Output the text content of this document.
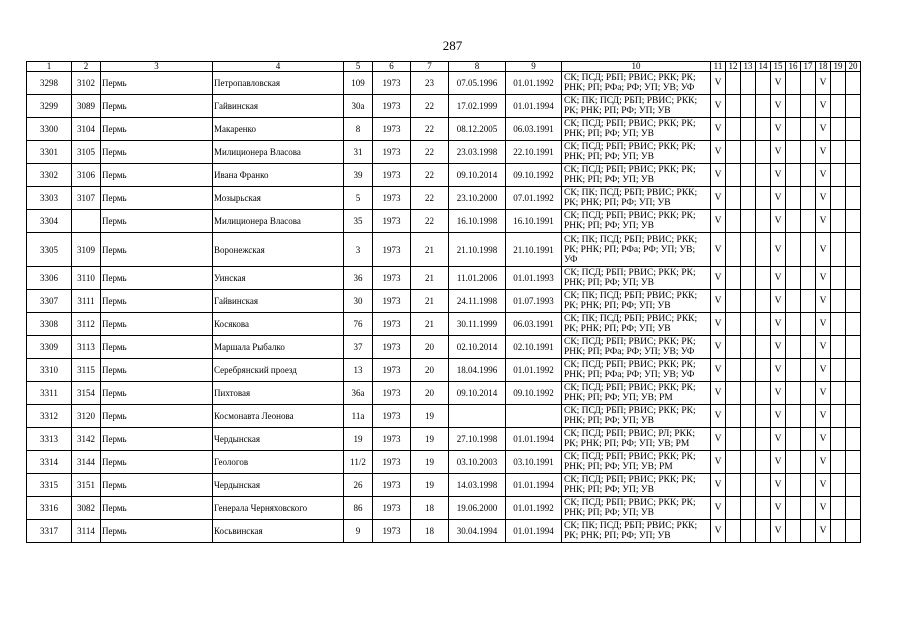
287
1	2	3	4	5	6	7	8	9	10	11	12	13	14	15	16	17	18	19	20
3298	3102	Пермь	Петропавловская	109	1973	23	07.05.1996	01.01.1992	СК; ПСД; РБП; РВИС; РКК; РК; РНК; РП; РФа; РФ; УП; УВ; УФ	V				V			V		
3299	3089	Пермь	Гайвинская	30а	1973	22	17.02.1999	01.01.1994	СК; ПК; ПСД; РБП; РВИС; РКК; РК; РНК; РП; РФ; УП; УВ	V				V			V		
3300	3104	Пермь	Макаренко	8	1973	22	08.12.2005	06.03.1991	СК; ПСД; РБП; РВИС; РКК; РК; РНК; РП; РФ; УП; УВ	V				V			V		
3301	3105	Пермь	Милиционера Власова	31	1973	22	23.03.1998	22.10.1991	СК; ПСД; РБП; РВИС; РКК; РК; РНК; РП; РФ; УП; УВ	V				V			V		
3302	3106	Пермь	Ивана Франко	39	1973	22	09.10.2014	09.10.1992	СК; ПСД; РБП; РВИС; РКК; РК; РНК; РП; РФ; УП; УВ	V				V			V		
3303	3107	Пермь	Мозырьская	5	1973	22	23.10.2000	07.01.1992	СК; ПК; ПСД; РБП; РВИС; РКК; РК; РНК; РП; РФ; УП; УВ	V				V			V		
3304		Пермь	Милиционера Власова	35	1973	22	16.10.1998	16.10.1991	СК; ПСД; РБП; РВИС; РКК; РК; РНК; РП; РФ; УП; УВ	V				V			V		
3305	3109	Пермь	Воронежская	3	1973	21	21.10.1998	21.10.1991	СК; ПК; ПСД; РБП; РВИС; РКК; РК; РНК; РП; РФа; РФ; УП; УВ; УФ	V				V			V		
3306	3110	Пермь	Уинская	36	1973	21	11.01.2006	01.01.1993	СК; ПСД; РБП; РВИС; РКК; РК; РНК; РП; РФ; УП; УВ	V				V			V		
3307	3111	Пермь	Гайвинская	30	1973	21	24.11.1998	01.07.1993	СК; ПК; ПСД; РБП; РВИС; РКК; РК; РНК; РП; РФ; УП; УВ	V				V			V		
3308	3112	Пермь	Косякова	76	1973	21	30.11.1999	06.03.1991	СК; ПК; ПСД; РБП; РВИС; РКК; РК; РНК; РП; РФ; УП; УВ	V				V			V		
3309	3113	Пермь	Маршала Рыбалко	37	1973	20	02.10.2014	02.10.1991	СК; ПСД; РБП; РВИС; РКК; РК; РНК; РП; РФа; РФ; УП; УВ; УФ	V				V			V		
3310	3115	Пермь	Серебрянский проезд	13	1973	20	18.04.1996	01.01.1992	СК; ПСД; РБП; РВИС; РКК; РК; РНК; РП; РФа; РФ; УП; УВ; УФ	V				V			V		
3311	3154	Пермь	Пихтовая	36а	1973	20	09.10.2014	09.10.1992	СК; ПСД; РБП; РВИС; РКК; РК; РНК; РП; РФ; УП; УВ; РМ	V				V			V		
3312	3120	Пермь	Космонавта Леонова	11а	1973	19			СК; ПСД; РБП; РВИС; РКК; РК; РНК; РП; РФ; УП; УВ	V				V			V		
3313	3142	Пермь	Чердынская	19	1973	19	27.10.1998	01.01.1994	СК; ПСД; РБП; РВИС; РЛ; РКК; РК; РНК; РП; РФ; УП; УВ; РМ	V				V			V		
3314	3144	Пермь	Геологов	11/2	1973	19	03.10.2003	03.10.1991	СК; ПСД; РБП; РВИС; РКК; РК; РНК; РП; РФ; УП; УВ; РМ	V				V			V		
3315	3151	Пермь	Чердынская	26	1973	19	14.03.1998	01.01.1994	СК; ПСД; РБП; РВИС; РКК; РК; РНК; РП; РФ; УП; УВ	V				V			V		
3316	3082	Пермь	Генерала Черняховского	86	1973	18	19.06.2000	01.01.1992	СК; ПСД; РБП; РВИС; РКК; РК; РНК; РП; РФ; УП; УВ	V				V			V		
3317	3114	Пермь	Косьвинская	9	1973	18	30.04.1994	01.01.1994	СК; ПК; ПСД; РБП; РВИС; РКК; РК; РНК; РП; РФ; УП; УВ	V				V			V		
